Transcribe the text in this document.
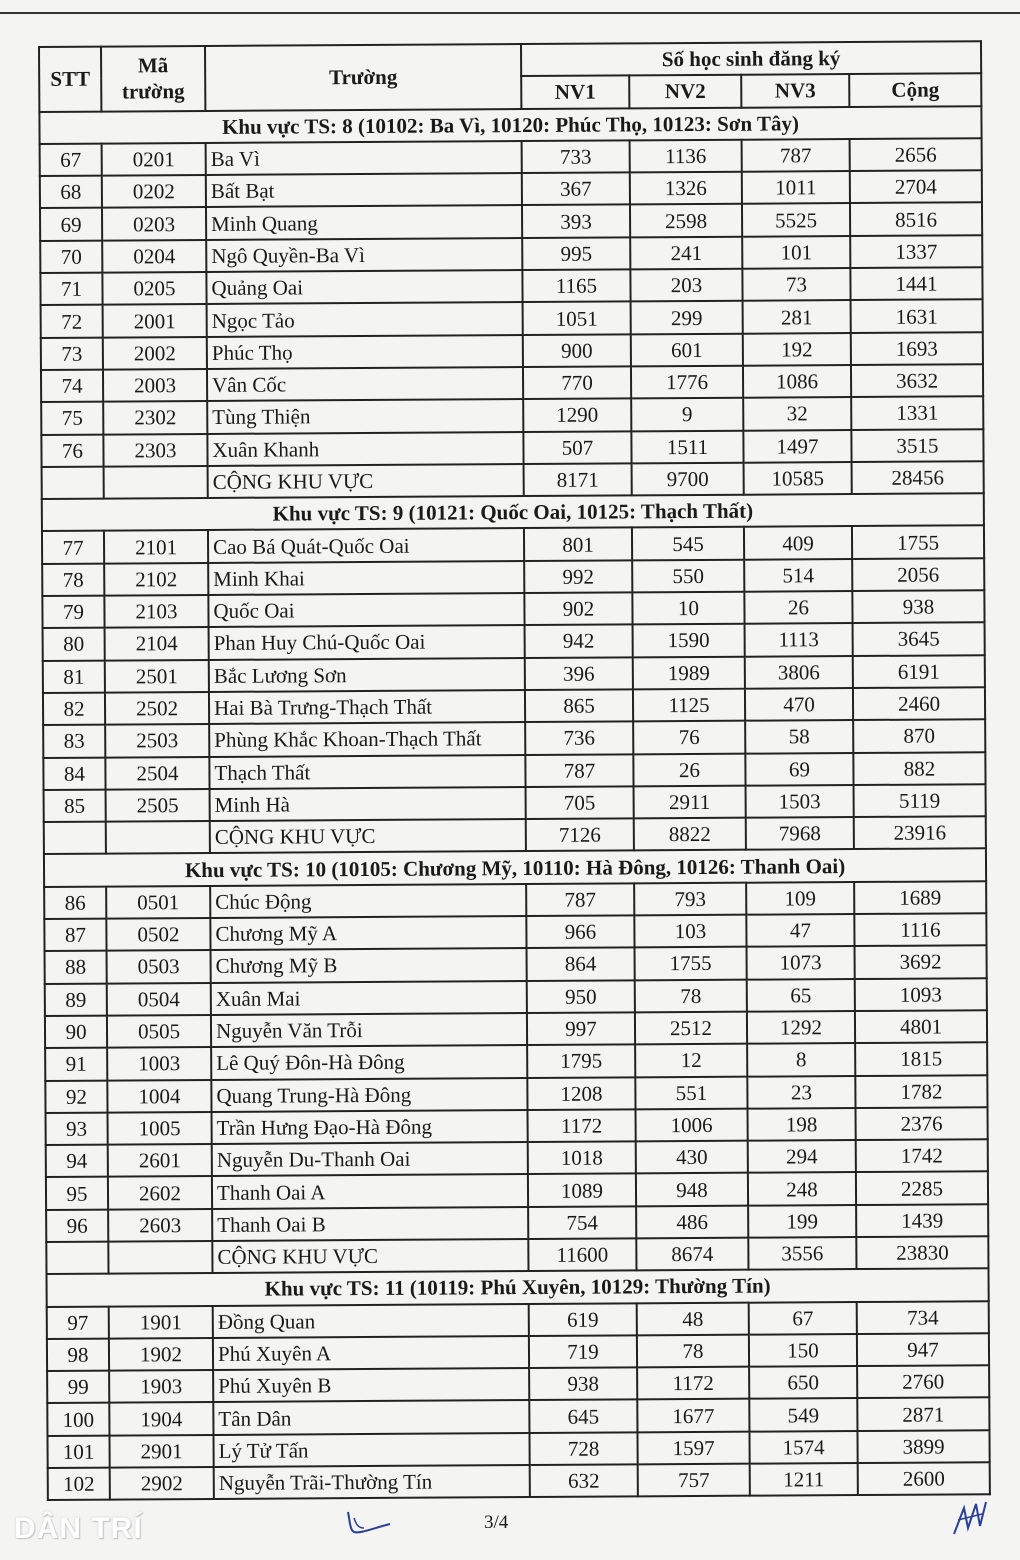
STT	Mã trường	Trường	Số học sinh đăng ký			
			NV1	NV2	NV3	Cộng
Khu vực TS: 8 (10102: Ba Vì, 10120: Phúc Thọ, 10123: Sơn Tây)						
67	0201	Ba Vì	733	1136	787	2656
68	0202	Bất Bạt	367	1326	1011	2704
69	0203	Minh Quang	393	2598	5525	8516
70	0204	Ngô Quyền-Ba Vì	995	241	101	1337
71	0205	Quảng Oai	1165	203	73	1441
72	2001	Ngọc Tảo	1051	299	281	1631
73	2002	Phúc Thọ	900	601	192	1693
74	2003	Vân Cốc	770	1776	1086	3632
75	2302	Tùng Thiện	1290	9	32	1331
76	2303	Xuân Khanh	507	1511	1497	3515
		CỘNG KHU VỰC	8171	9700	10585	28456
Khu vực TS: 9 (10121: Quốc Oai, 10125: Thạch Thất)						
77	2101	Cao Bá Quát-Quốc Oai	801	545	409	1755
78	2102	Minh Khai	992	550	514	2056
79	2103	Quốc Oai	902	10	26	938
80	2104	Phan Huy Chú-Quốc Oai	942	1590	1113	3645
81	2501	Bắc Lương Sơn	396	1989	3806	6191
82	2502	Hai Bà Trưng-Thạch Thất	865	1125	470	2460
83	2503	Phùng Khắc Khoan-Thạch Thất	736	76	58	870
84	2504	Thạch Thất	787	26	69	882
85	2505	Minh Hà	705	2911	1503	5119
		CỘNG KHU VỰC	7126	8822	7968	23916
Khu vực TS: 10 (10105: Chương Mỹ, 10110: Hà Đông, 10126: Thanh Oai)						
86	0501	Chúc Động	787	793	109	1689
87	0502	Chương Mỹ A	966	103	47	1116
88	0503	Chương Mỹ B	864	1755	1073	3692
89	0504	Xuân Mai	950	78	65	1093
90	0505	Nguyễn Văn Trỗi	997	2512	1292	4801
91	1003	Lê Quý Đôn-Hà Đông	1795	12	8	1815
92	1004	Quang Trung-Hà Đông	1208	551	23	1782
93	1005	Trần Hưng Đạo-Hà Đông	1172	1006	198	2376
94	2601	Nguyễn Du-Thanh Oai	1018	430	294	1742
95	2602	Thanh Oai A	1089	948	248	2285
96	2603	Thanh Oai B	754	486	199	1439
		CỘNG KHU VỰC	11600	8674	3556	23830
Khu vực TS: 11 (10119: Phú Xuyên, 10129: Thường Tín)						
97	1901	Đồng Quan	619	48	67	734
98	1902	Phú Xuyên A	719	78	150	947
99	1903	Phú Xuyên B	938	1172	650	2760
100	1904	Tân Dân	645	1677	549	2871
101	2901	Lý Tử Tấn	728	1597	1574	3899
102	2902	Nguyễn Trãi-Thường Tín	632	757	1211	2600
3/4
DÂN TRÍ
